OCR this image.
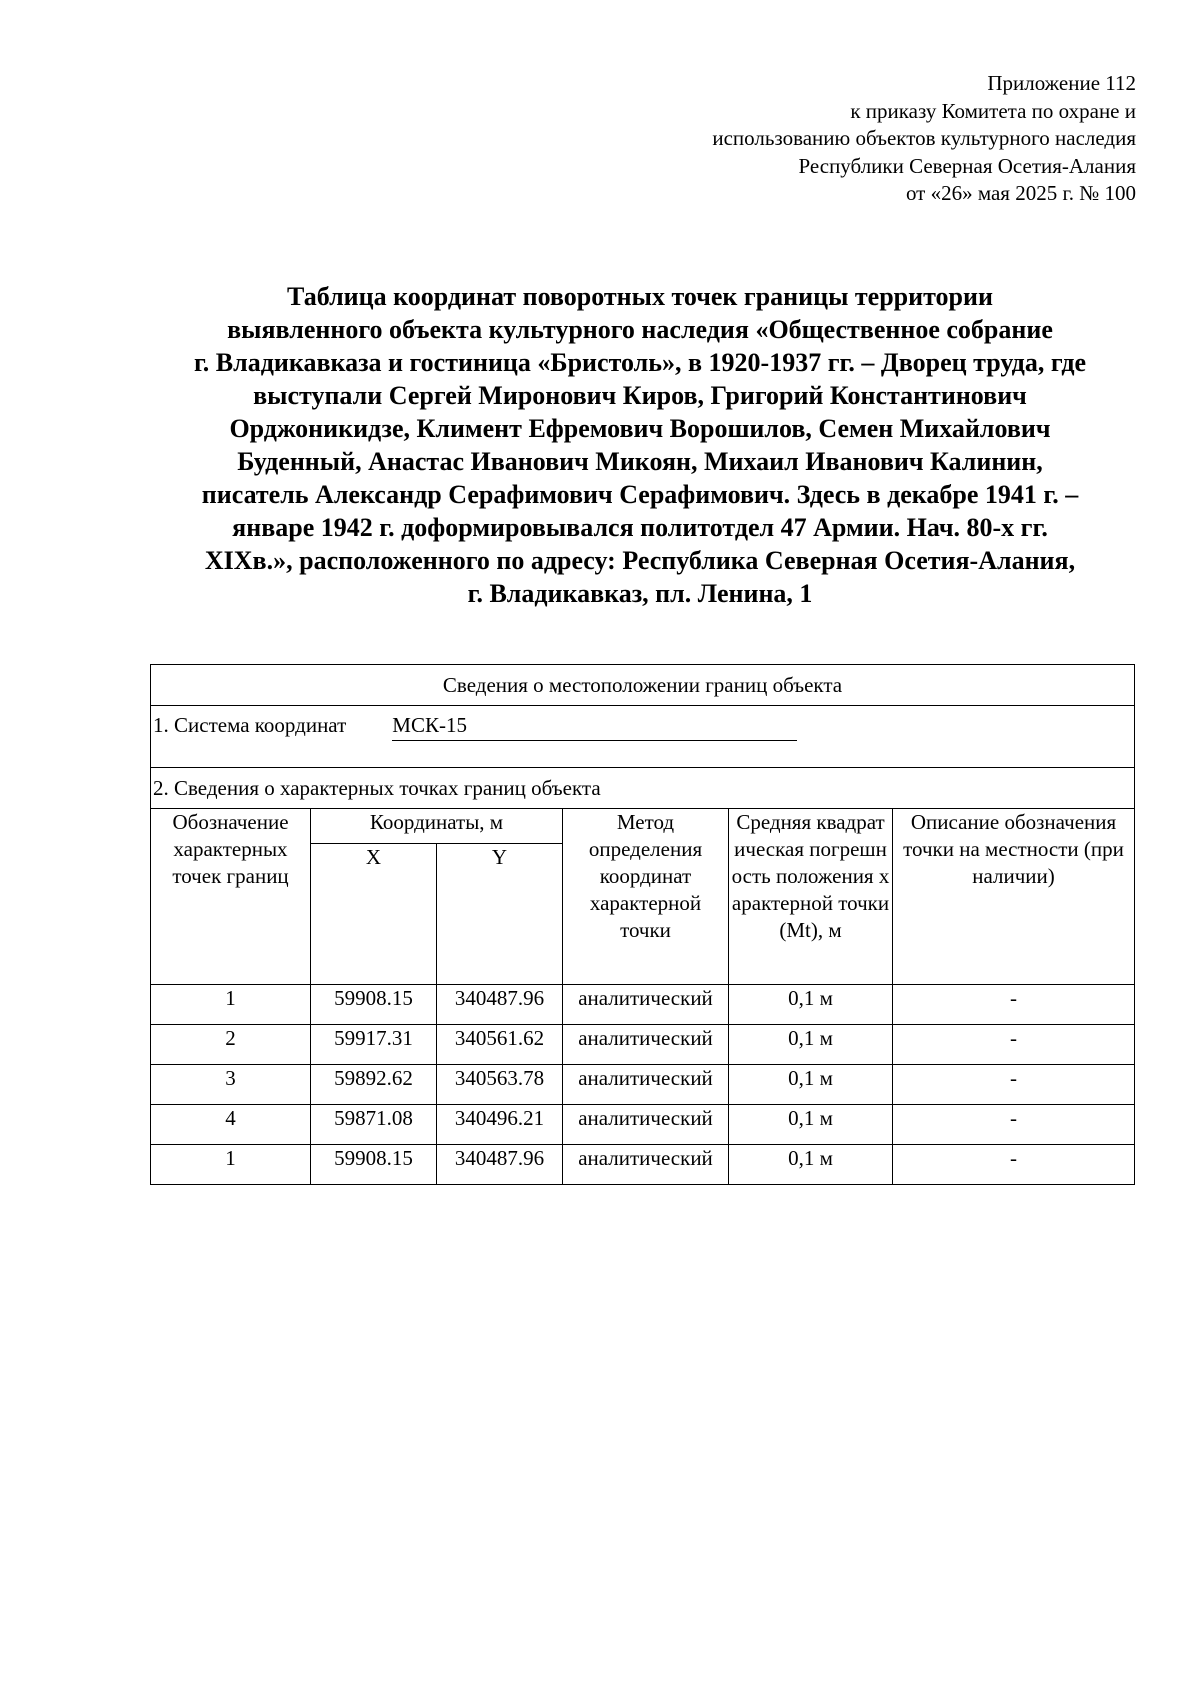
Приложение 112
к приказу Комитета по охране и
использованию объектов культурного наследия
Республики Северная Осетия-Алания
от «26» мая 2025 г. № 100
Таблица координат поворотных точек границы территории
выявленного объекта культурного наследия «Общественное собрание
г. Владикавказа и гостиница «Бристоль», в 1920-1937 гг. – Дворец труда, где
выступали Сергей Миронович Киров, Григорий Константинович
Орджоникидзе, Климент Ефремович Ворошилов, Семен Михайлович
Буденный, Анастас Иванович Микоян, Михаил Иванович Калинин,
писатель Александр Серафимович Серафимович. Здесь в декабре 1941 г. –
январе 1942 г. доформировывался политотдел 47 Армии. Нач. 80-х гг.
XIXв.», расположенного по адресу: Республика Северная Осетия-Алания,
г. Владикавказ, пл. Ленина, 1
Сведения о местоположении границ объекта					
1. Система координат МСК-15					
2. Сведения о характерных точках границ объекта					
Обозначение характерных точек границ	Координаты, м		Метод определения координат характерной точки	Средняя квадратическая погрешность положения характерной точки (Mt), м	Описание обозначения точки на местности (при наличии)
	X	Y			
1	59908.15	340487.96	аналитический	0,1 м	-
2	59917.31	340561.62	аналитический	0,1 м	-
3	59892.62	340563.78	аналитический	0,1 м	-
4	59871.08	340496.21	аналитический	0,1 м	-
1	59908.15	340487.96	аналитический	0,1 м	-
